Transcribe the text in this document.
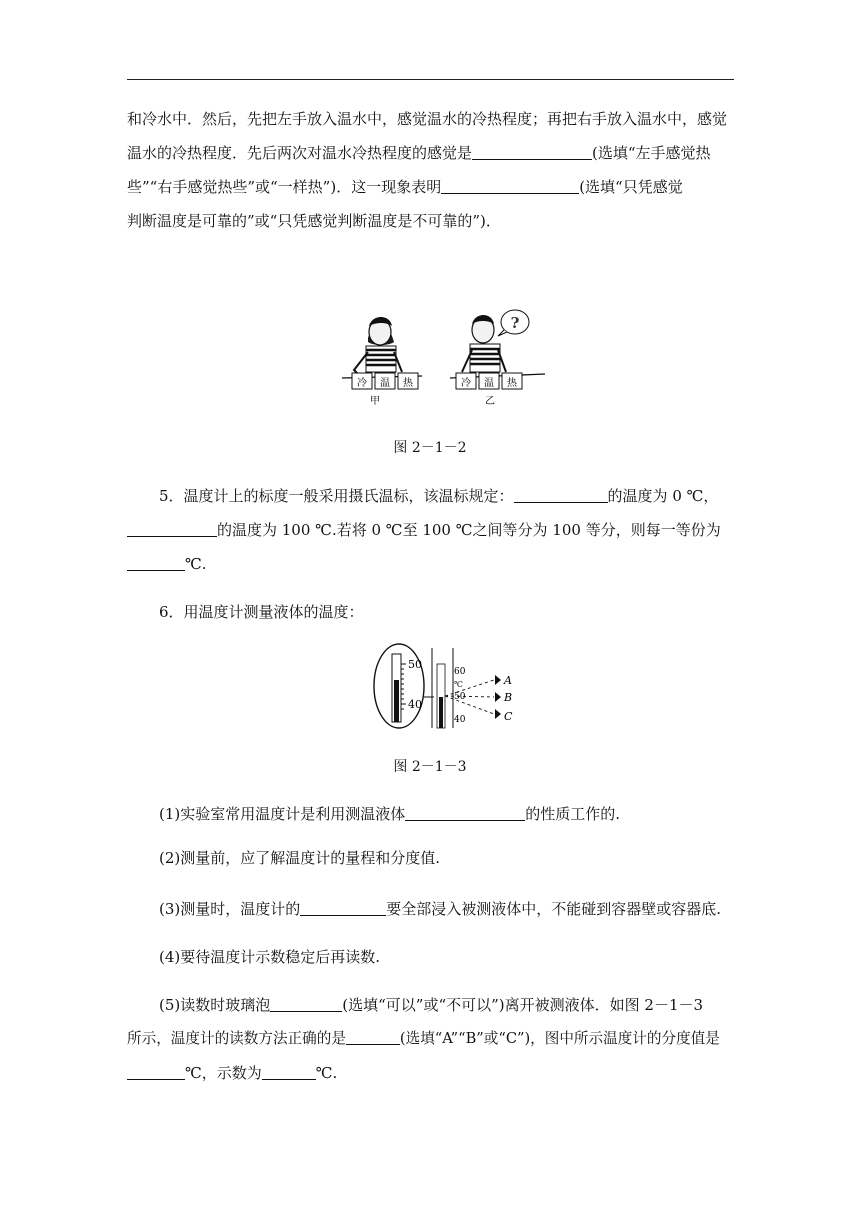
和冷水中．然后，先把左手放入温水中，感觉温水的冷热程度；再把右手放入温水中，感觉
温水的冷热程度．先后两次对温水冷热程度的感觉是	(选填“左手感觉热
些”“右手感觉热些”或“一样热”)．这一现象表明	(选填“只凭感觉
判断温度是可靠的”或“只凭感觉判断温度是不可靠的”)．
冷 温 热
甲
?
冷 温 热
乙
图 2－1－2
5．温度计上的标度一般采用摄氏温标，该温标规定：	的温度为 0 ℃，
的温度为 100 ℃.若将 0 ℃至 100 ℃之间等分为 100 等分，则每一等份为
℃.
6．用温度计测量液体的温度：
50
40
60
℃
50
40
A
B
C
图 2－1－3
(1)实验室常用温度计是利用测温液体	的性质工作的.
(2)测量前，应了解温度计的量程和分度值.
(3)测量时，温度计的	要全部浸入被测液体中，不能碰到容器壁或容器底.
(4)要待温度计示数稳定后再读数.
(5)读数时玻璃泡	(选填“可以”或“不可以”)离开被测液体．如图 2－1－3
所示，温度计的读数方法正确的是	(选填“A”“B”或“C”)，图中所示温度计的分度值是
℃，示数为	℃.
